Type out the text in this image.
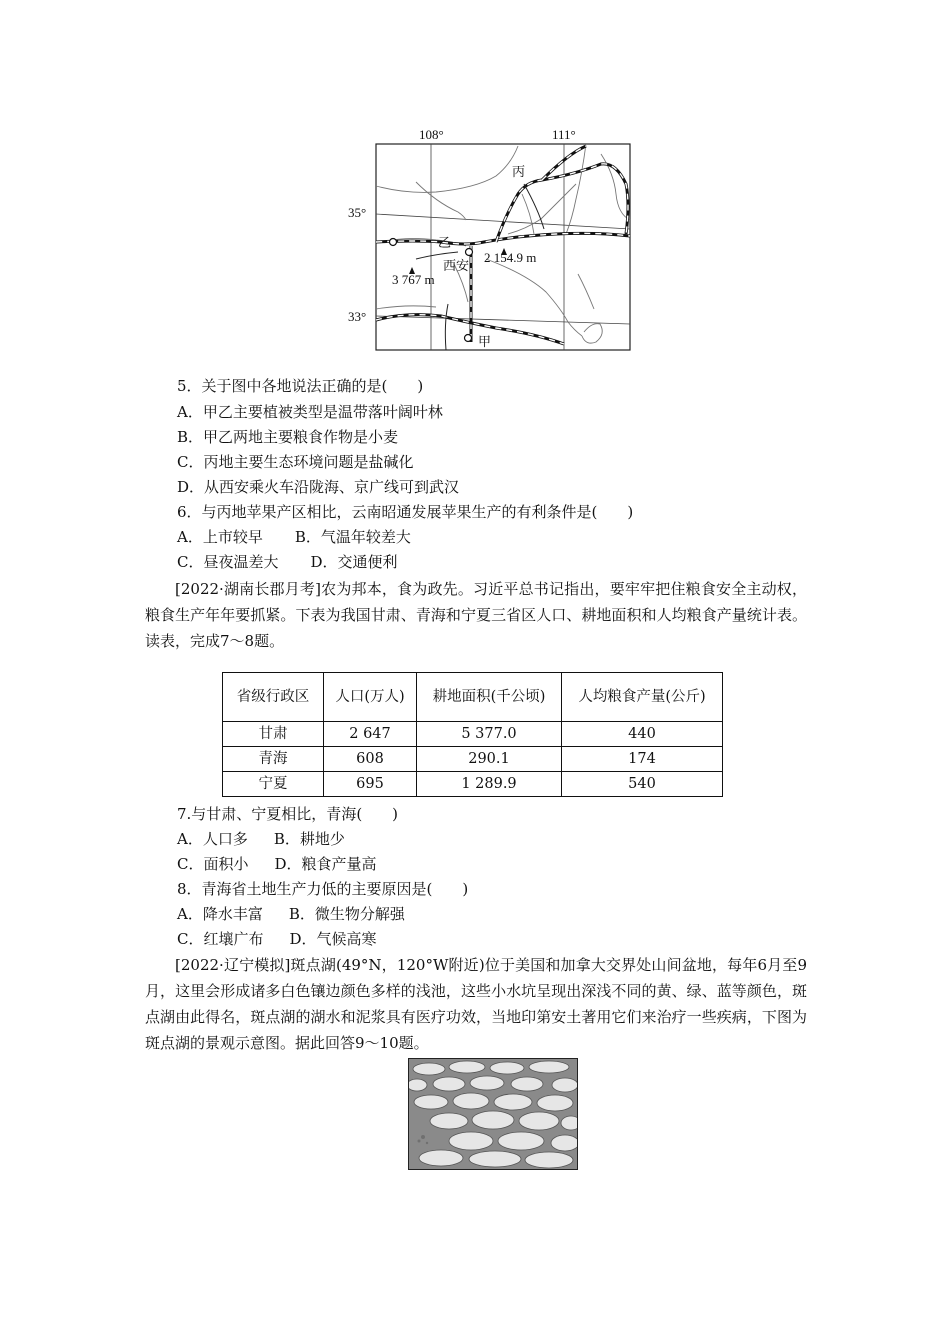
108°	111°
35°
33°
丙
乙
西安
甲
3 767 m
2 154.9 m
5．关于图中各地说法正确的是(　　)
A．甲乙主要植被类型是温带落叶阔叶林
B．甲乙两地主要粮食作物是小麦
C．丙地主要生态环境问题是盐碱化
D．从西安乘火车沿陇海、京广线可到武汉
6．与丙地苹果产区相比，云南昭通发展苹果生产的有利条件是(　　)
A．上市较早 B．气温年较差大
C．昼夜温差大 D．交通便利
[2022·湖南长郡月考]农为邦本，食为政先。习近平总书记指出，要牢牢把住粮食安全主动权，粮食生产年年要抓紧。下表为我国甘肃、青海和宁夏三省区人口、耕地面积和人均粮食产量统计表。读表，完成7～8题。
省级行政区	人口(万人)	耕地面积(千公顷)	人均粮食产量(公斤)
甘肃	2 647	5 377.0	440
青海	608	290.1	174
宁夏	695	1 289.9	540
7.与甘肃、宁夏相比，青海(　　)
A．人口多 B．耕地少
C．面积小 D．粮食产量高
8．青海省土地生产力低的主要原因是(　　)
A．降水丰富 B．微生物分解强
C．红壤广布 D．气候高寒
[2022·辽宁模拟]斑点湖(49°N，120°W附近)位于美国和加拿大交界处山间盆地，每年6月至9月，这里会形成诸多白色镶边颜色多样的浅池，这些小水坑呈现出深浅不同的黄、绿、蓝等颜色，斑点湖由此得名，斑点湖的湖水和泥浆具有医疗功效，当地印第安土著用它们来治疗一些疾病，下图为斑点湖的景观示意图。据此回答9～10题。
